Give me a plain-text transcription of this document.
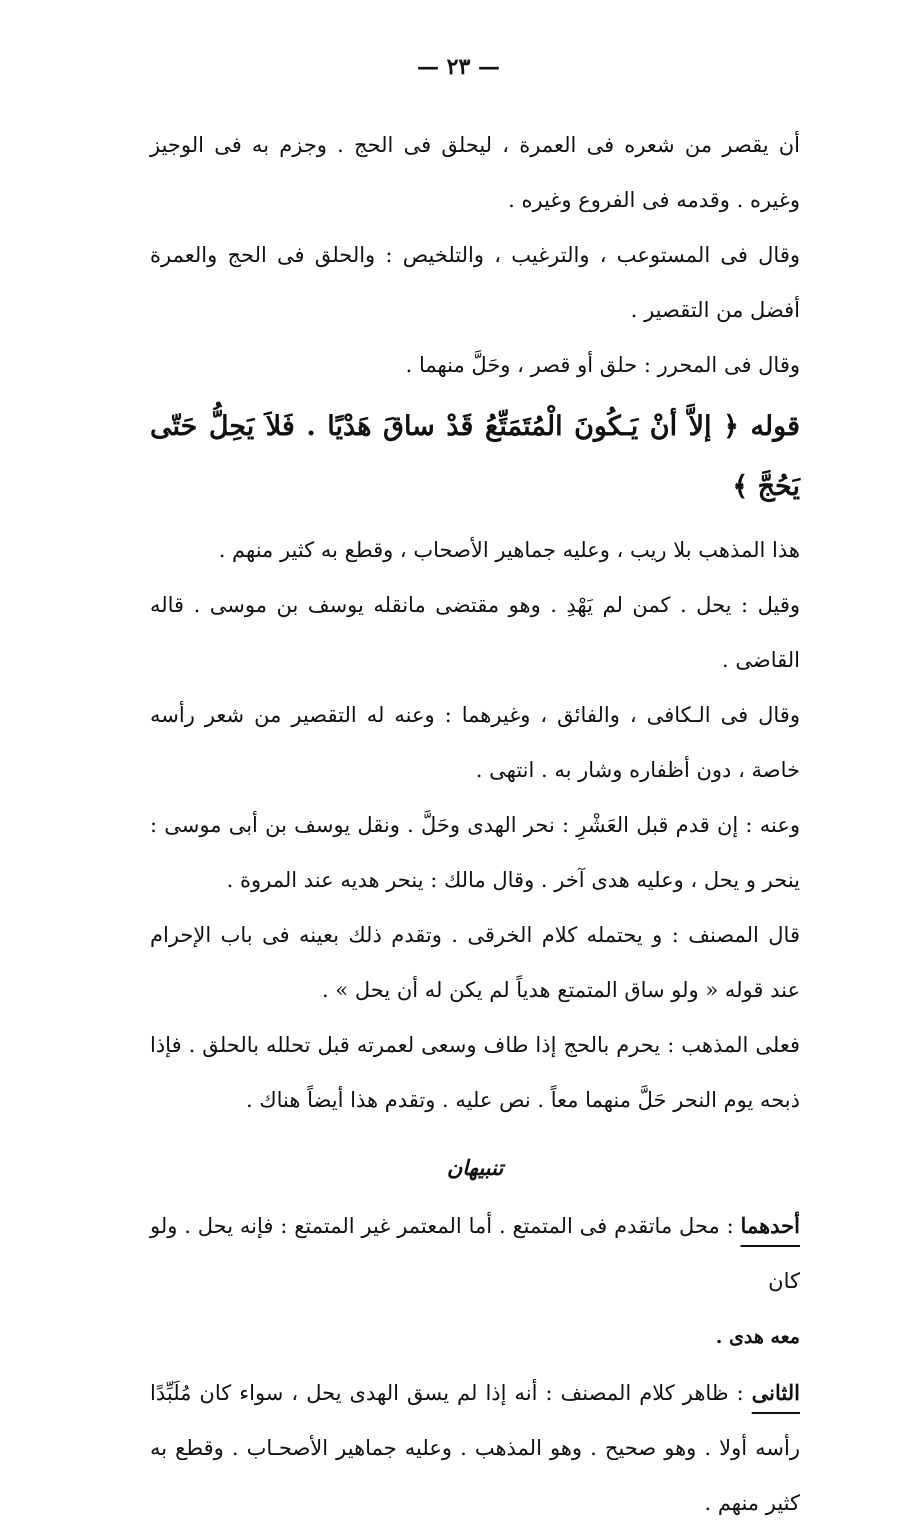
— ٢٣ —

أن يقصر من شعره فى العمرة ، ليحلق فى الحج . وجزم به فى الوجيز وغيره . وقدمه فى الفروع وغيره .

وقال فى المستوعب ، والترغيب ، والتلخيص : والحلق فى الحج والعمرة أفضل من التقصير .

وقال فى المحرر : حلق أو قصر ، وحَلَّ منهما .

قوله ﴿ إلاَّ أنْ يَـكُونَ الْمُتَمَتِّعُ قَدْ ساقَ هَدْيًا . فَلاَ يَحِلُّ حَتّى يَحُجَّ ﴾

هذا المذهب بلا ريب ، وعليه جماهير الأصحاب ، وقطع به كثير منهم .

وقيل : يحل . كمن لم يَهْدِ . وهو مقتضى مانقله يوسف بن موسى . قاله القاضى .

وقال فى الـكافى ، والفائق ، وغيرهما : وعنه له التقصير من شعر رأسه خاصة ، دون أظفاره وشار به . انتهى .

وعنه : إن قدم قبل العَشْرِ : نحر الهدى وحَلَّ . ونقل يوسف بن أبى موسى : ينحر و يحل ، وعليه هدى آخر . وقال مالك : ينحر هديه عند المروة .

قال المصنف : و يحتمله كلام الخرقى . وتقدم ذلك بعينه فى باب الإحرام عند قوله « ولو ساق المتمتع هدياً لم يكن له أن يحل » .

فعلى المذهب : يحرم بالحج إذا طاف وسعى لعمرته قبل تحلله بالحلق . فإذا ذبحه يوم النحر حَلَّ منهما معاً . نص عليه . وتقدم هذا أيضاً هناك .

تنبيهان

أحدهما : محل ماتقدم فى المتمتع . أما المعتمر غير المتمتع : فإنه يحل . ولو كان
معه هدى .

الثانى : ظاهر كلام المصنف : أنه إذا لم يسق الهدى يحل ، سواء كان مُلَبِّدًا رأسه أولا . وهو صحيح . وهو المذهب . وعليه جماهير الأصحـاب . وقطع به كثير منهم .
